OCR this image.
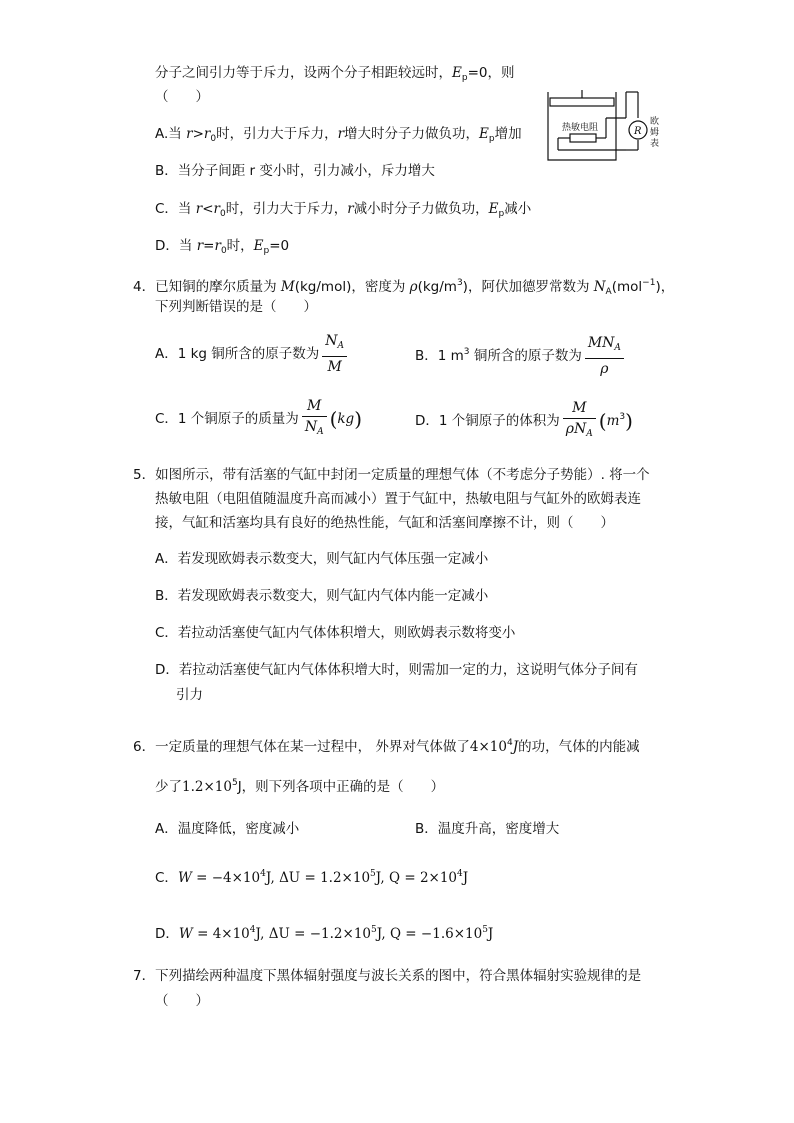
分子之间引力等于斥力，设两个分子相距较远时，$E_p=0$，则
（　　）
A.当 $r>r_0$时，引力大于斥力，r增大时分子力做负功，$E_p$增加
B．当分子间距 r 变小时，引力减小，斥力增大
C．当 $r<r_0$时，引力大于斥力，r减小时分子力做负功，$E_p$减小
D．当 $r=r_0$时，$E_p=0$
热敏电阻	R
欧
姆
表
4．已知铜的摩尔质量为 M(kg/mol)，密度为 $\rho(kg/m^3)$，阿伏加德罗常数为 $N_A(mol^{-1})$，
下列判断错误的是（　　）
A．1 kg 铜所含的原子数为 $\frac{N_A}{M}$	B．1 $m^3$ 铜所含的原子数为 $\frac{MN_A}{\rho}$
C．1 个铜原子的质量为 $\frac{M}{N_A} (kg)$	D．1 个铜原子的体积为 $\frac{M}{\rho N_A} (m^3)$
5．如图所示，带有活塞的气缸中封闭一定质量的理想气体（不考虑分子势能）. 将一个
热敏电阻（电阻值随温度升高而减小）置于气缸中，热敏电阻与气缸外的欧姆表连
接，气缸和活塞均具有良好的绝热性能，气缸和活塞间摩擦不计，则（　　）
A．若发现欧姆表示数变大，则气缸内气体压强一定减小
B．若发现欧姆表示数变大，则气缸内气体内能一定减小
C．若拉动活塞使气缸内气体体积增大，则欧姆表示数将变小
D．若拉动活塞使气缸内气体体积增大时，则需加一定的力，这说明气体分子间有
引力
6．一定质量的理想气体在某一过程中， 外界对气体做了$4\times 10^4J$的功，气体的内能减
少了$1.2\times 10^5J$，则下列各项中正确的是（　　）
A．温度降低，密度减小	B．温度升高，密度增大
C．$W = -4\times 10^4J$, $\Delta U = 1.2\times 10^5J$, $Q = 2\times 10^4J$
D．$W = 4\times 10^4J$, $\Delta U = -1.2\times 10^5J$, $Q = -1.6\times 10^5J$
7．下列描绘两种温度下黑体辐射强度与波长关系的图中，符合黑体辐射实验规律的是
（　　）
